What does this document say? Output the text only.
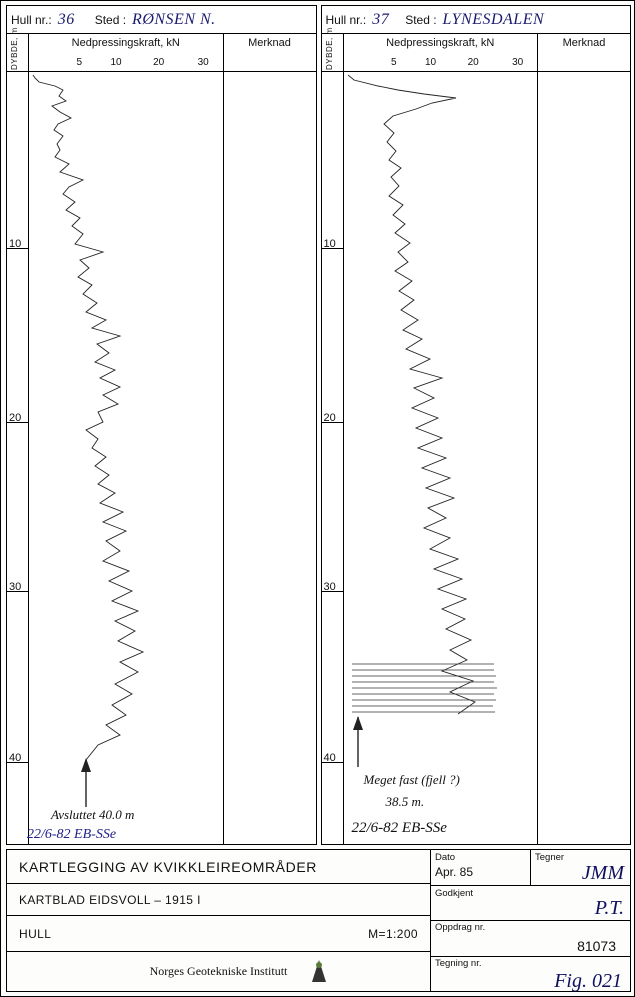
Hull nr.: 36 Sted : RØNSEN N.
DYBDE, m	Nedpressingskraft, kN
5	10	20	30
Merknad
10
20
30
40
Avsluttet 40.0 m
22/6-82 EB-SSe
Hull nr.: 37 Sted : LYNESDALEN
DYBDE, m	Nedpressingskraft, kN
5	10	20	30
Merknad
10
20
30
40
Meget fast (fjell ?)
38.5 m.
22/6-82 EB-SSe
KARTLEGGING AV KVIKKLEIREOMRÅDER
KARTBLAD EIDSVOLL – 1915 I
HULL	M=1:200
Norges Geotekniske Institutt
Dato
Apr. 85
Tegner
JMM
Godkjent
P.T.
Oppdrag nr.
81073
Tegning nr.
Fig. 021
